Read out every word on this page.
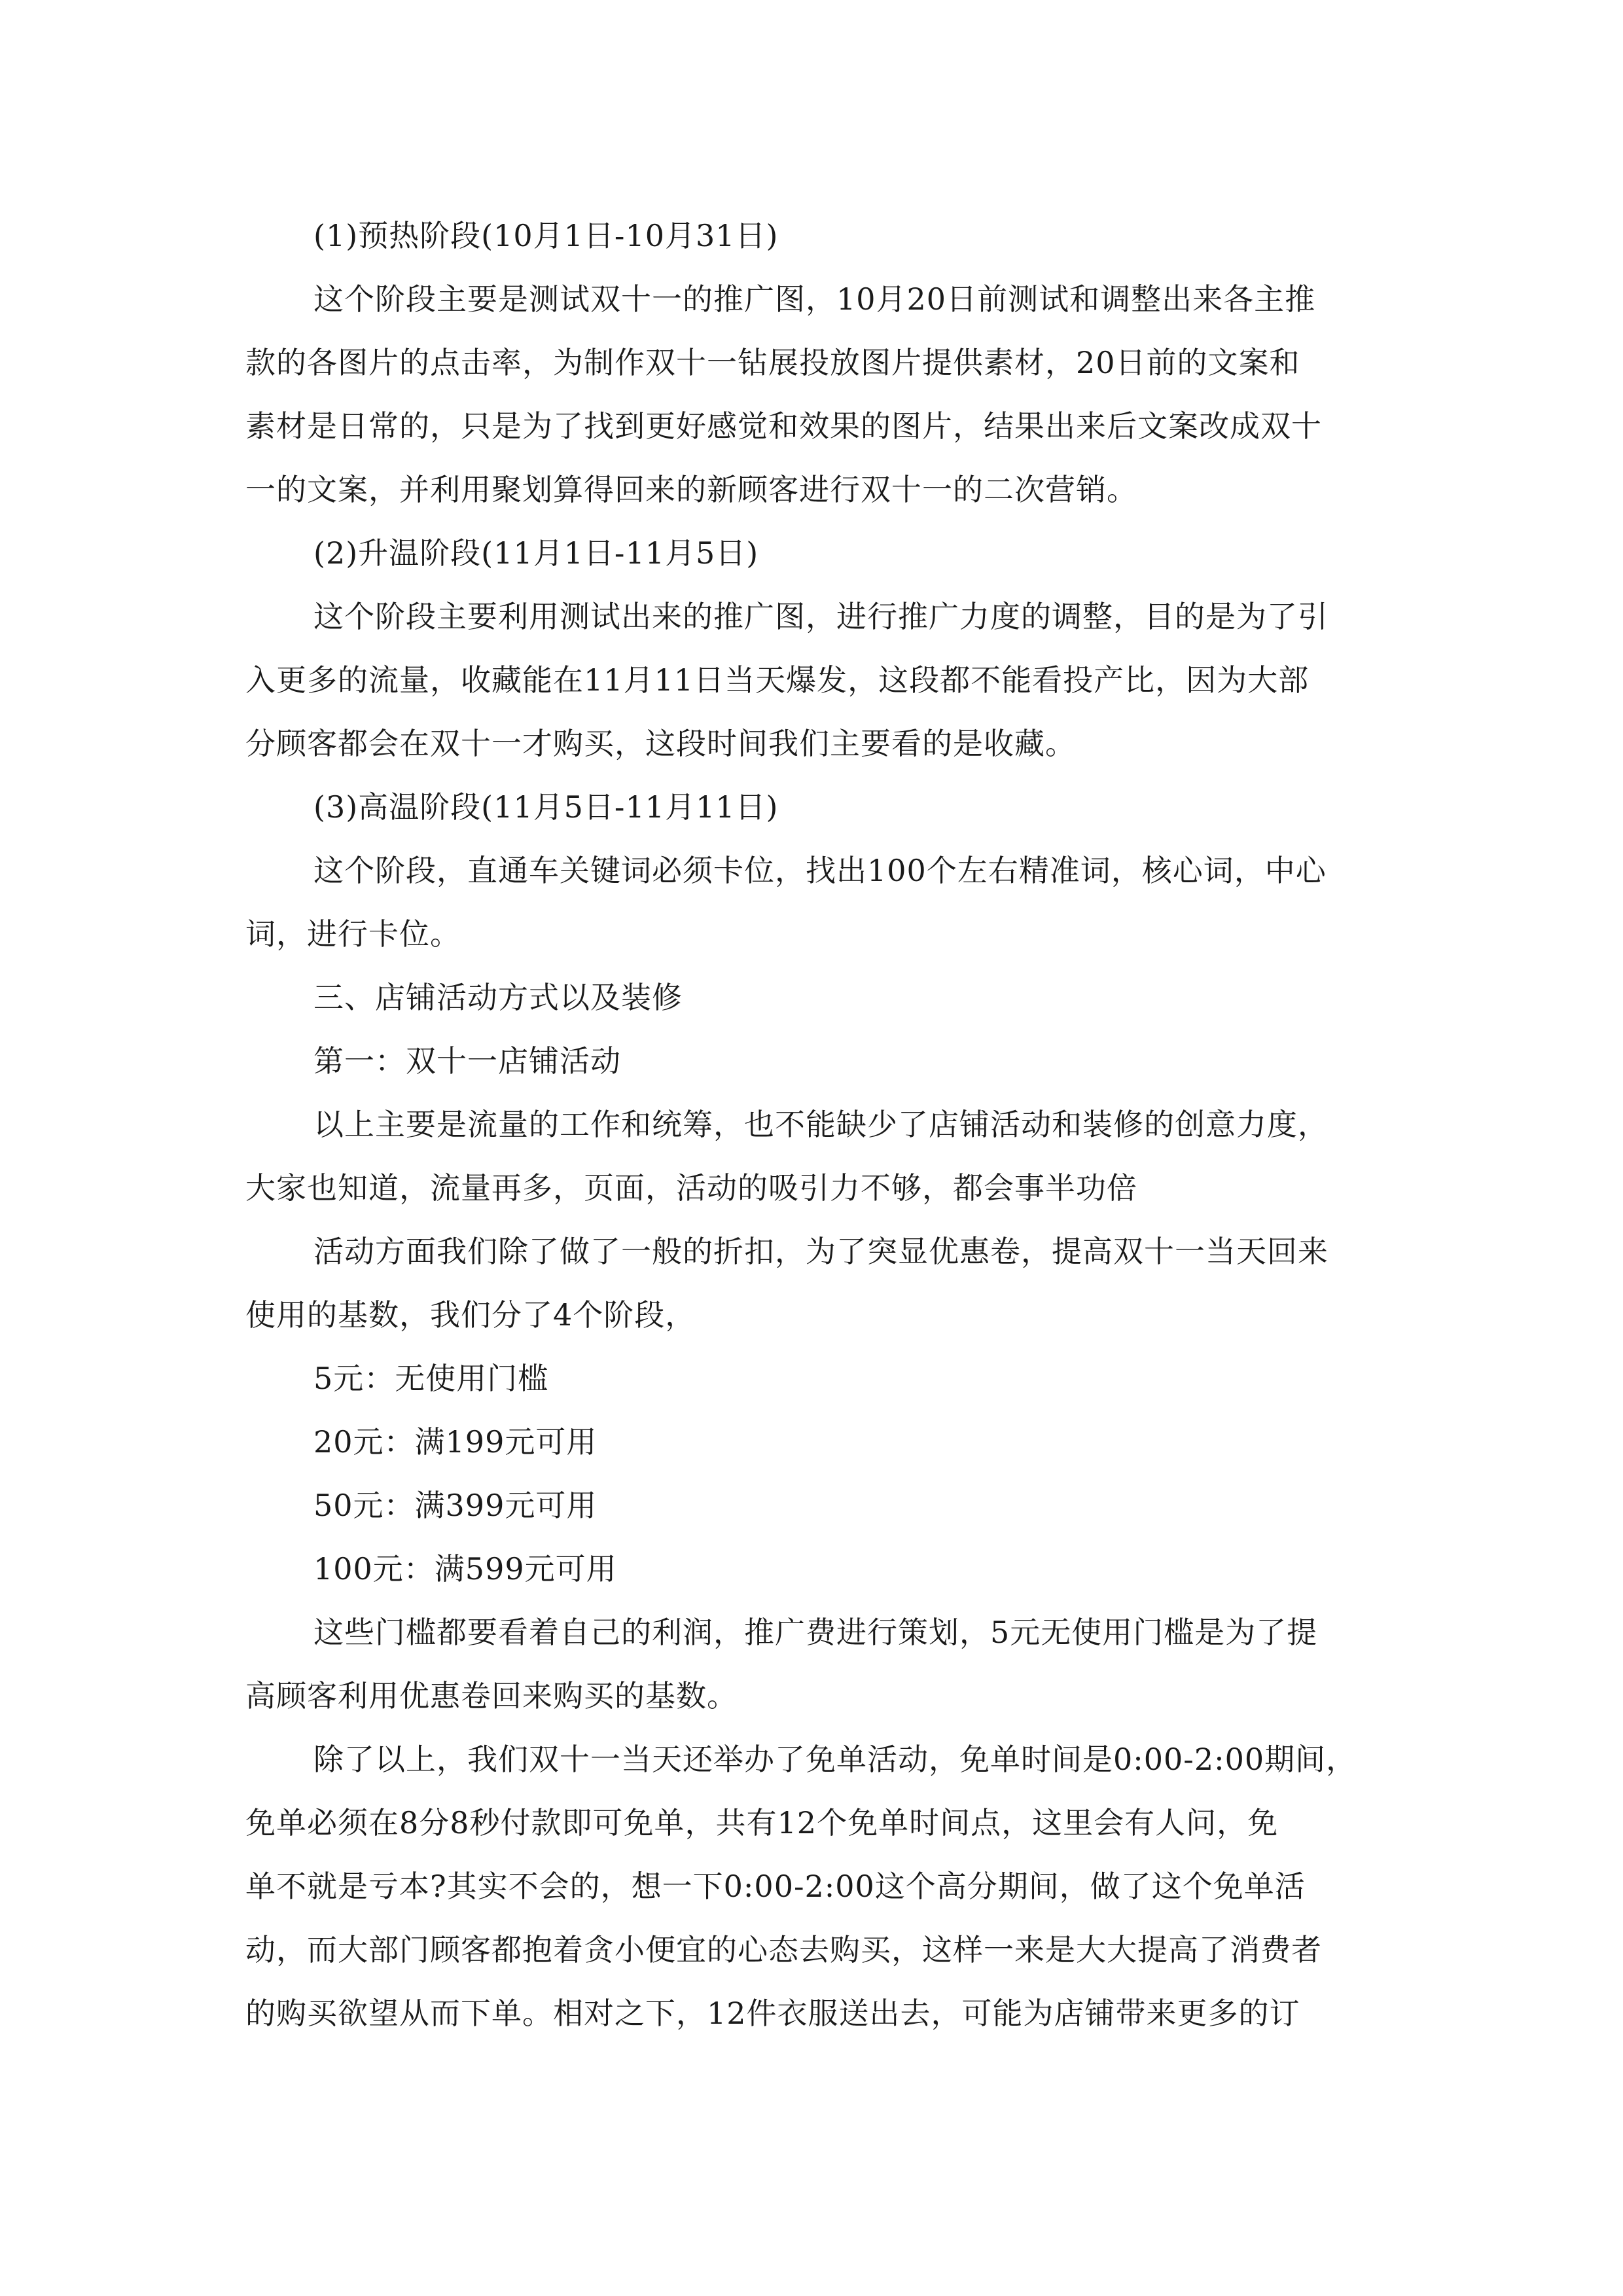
(1)预热阶段(10月1日-10月31日)
这个阶段主要是测试双十一的推广图，10月20日前测试和调整出来各主推
款的各图片的点击率，为制作双十一钻展投放图片提供素材，20日前的文案和
素材是日常的，只是为了找到更好感觉和效果的图片，结果出来后文案改成双十
一的文案，并利用聚划算得回来的新顾客进行双十一的二次营销。
(2)升温阶段(11月1日-11月5日)
这个阶段主要利用测试出来的推广图，进行推广力度的调整，目的是为了引
入更多的流量，收藏能在11月11日当天爆发，这段都不能看投产比，因为大部
分顾客都会在双十一才购买，这段时间我们主要看的是收藏。
(3)高温阶段(11月5日-11月11日)
这个阶段，直通车关键词必须卡位，找出100个左右精准词，核心词，中心
词，进行卡位。
三、店铺活动方式以及装修
第一：双十一店铺活动
以上主要是流量的工作和统筹，也不能缺少了店铺活动和装修的创意力度，
大家也知道，流量再多，页面，活动的吸引力不够，都会事半功倍
活动方面我们除了做了一般的折扣，为了突显优惠卷，提高双十一当天回来
使用的基数，我们分了4个阶段，
5元：无使用门槛
20元：满199元可用
50元：满399元可用
100元：满599元可用
这些门槛都要看着自己的利润，推广费进行策划，5元无使用门槛是为了提
高顾客利用优惠卷回来购买的基数。
除了以上，我们双十一当天还举办了免单活动，免单时间是0:00-2:00期间，
免单必须在8分8秒付款即可免单，共有12个免单时间点，这里会有人问，免
单不就是亏本?其实不会的，想一下0:00-2:00这个高分期间，做了这个免单活
动，而大部门顾客都抱着贪小便宜的心态去购买，这样一来是大大提高了消费者
的购买欲望从而下单。相对之下，12件衣服送出去，可能为店铺带来更多的订
